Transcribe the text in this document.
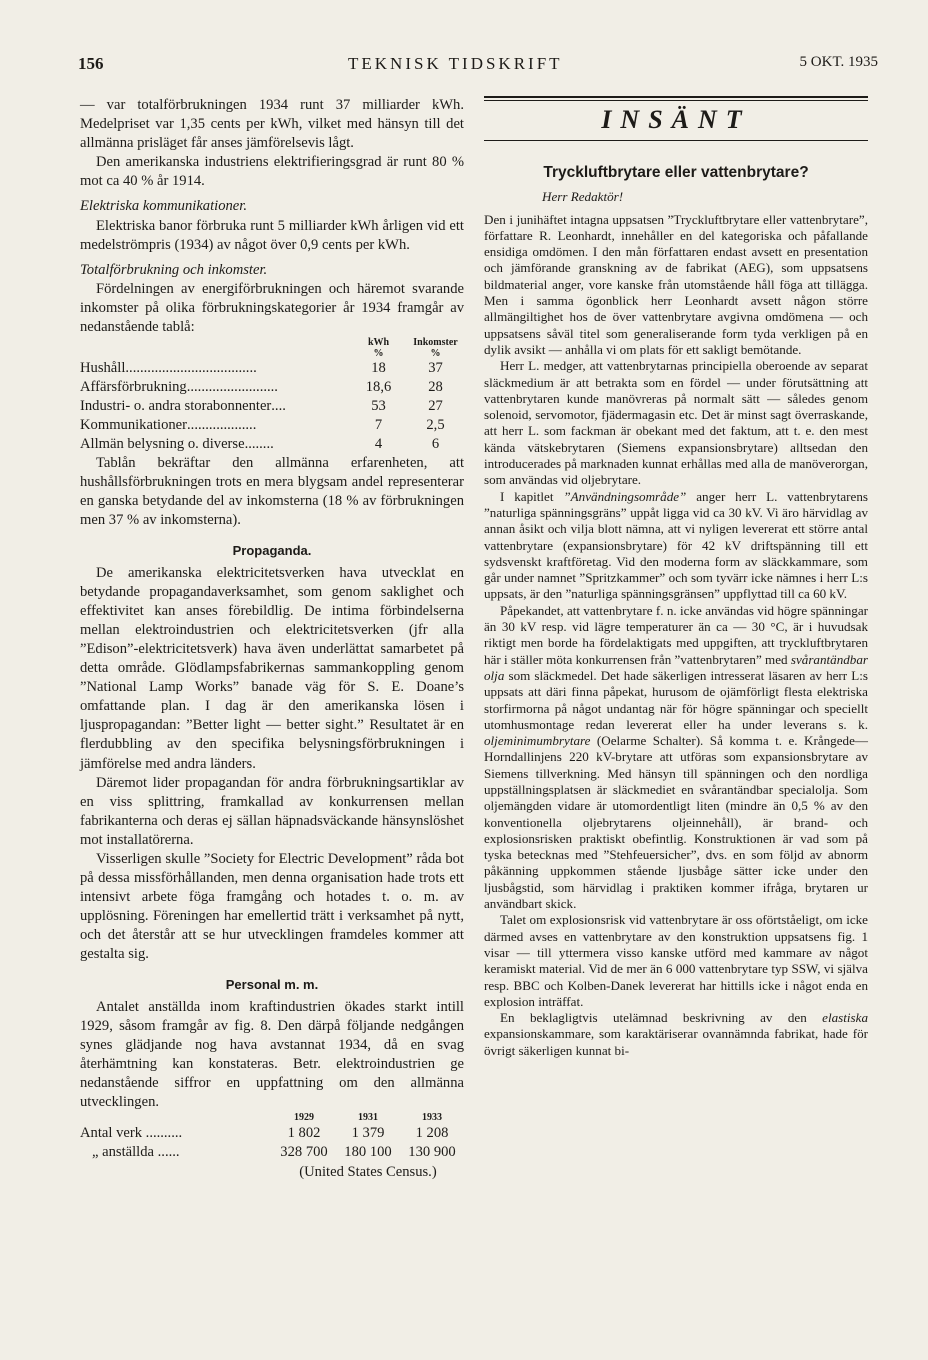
156	TEKNISK TIDSKRIFT	5 OKT. 1935

— var totalförbrukningen 1934 runt 37 milliarder kWh. Medelpriset var 1,35 cents per kWh, vilket med hänsyn till det allmänna prisläget får anses jämförelsevis lågt.

Den amerikanska industriens elektrifieringsgrad är runt 80 % mot ca 40 % år 1914.

Elektriska kommunikationer.

Elektriska banor förbruka runt 5 milliarder kWh årligen vid ett medelströmpris (1934) av något över 0,9 cents per kWh.

Totalförbrukning och inkomster.

Fördelningen av energiförbrukningen och häremot svarande inkomster på olika förbrukningskategorier år 1934 framgår av nedanstående tablå:

	kWh	Inkomster
	%	%
Hushåll....................................	18	37
Affärsförbrukning.........................	18,6	28
Industri- o. andra storabonnenter....	53	27
Kommunikationer...................	7	2,5
Allmän belysning o. diverse........	4	6

Tablån bekräftar den allmänna erfarenheten, att hushållsförbrukningen trots en mera blygsam andel representerar en ganska betydande del av inkomsterna (18 % av förbrukningen men 37 % av inkomsterna).

Propaganda.

De amerikanska elektricitetsverken hava utvecklat en betydande propagandaverksamhet, som genom saklighet och effektivitet kan anses förebildlig. De intima förbindelserna mellan elektroindustrien och elektricitetsverken (jfr alla ”Edison”-elektricitetsverk) hava även underlättat samarbetet på detta område. Glödlampsfabrikernas sammankoppling genom ”National Lamp Works” banade väg för S. E. Doane’s omfattande plan. I dag är den amerikanska lösen i ljuspropagandan: ”Better light — better sight.” Resultatet är en flerdubbling av den specifika belysningsförbrukningen i jämförelse med andra länders.

Däremot lider propagandan för andra förbrukningsartiklar av en viss splittring, framkallad av konkurrensen mellan fabrikanterna och deras ej sällan häpnadsväckande hänsynslöshet mot installatörerna.

Visserligen skulle ”Society for Electric Development” råda bot på dessa missförhållanden, men denna organisation hade trots ett intensivt arbete föga framgång och hotades t. o. m. av upplösning. Föreningen har emellertid trätt i verksamhet på nytt, och det återstår att se hur utvecklingen framdeles kommer att gestalta sig.

Personal m. m.

Antalet anställda inom kraftindustrien ökades starkt intill 1929, såsom framgår av fig. 8. Den därpå följande nedgången synes glädjande nog hava avstannat 1934, då en svag återhämtning kan konstateras. Betr. elektroindustrien ge nedanstående siffror en uppfattning om den allmänna utvecklingen.

	1929	1931	1933
Antal verk ..........	1 802	1 379	1 208
„ anställda ......	328 700	180 100	130 900
	(United States Census.)		
INSÄNT
Tryckluftbrytare eller vattenbrytare?
Herr Redaktör!

Den i junihäftet intagna uppsatsen ”Tryckluftbrytare eller vattenbrytare”, författare R. Leonhardt, innehåller en del kategoriska och påfallande ensidiga omdömen. I den mån författaren endast avsett en presentation och jämförande granskning av de fabrikat (AEG), som uppsatsens bildmaterial anger, vore kanske från utomstående håll föga att tillägga. Men i samma ögonblick herr Leonhardt avsett någon större allmängiltighet hos de över vattenbrytare avgivna omdömena — och uppsatsens såväl titel som generaliserande form tyda verkligen på en dylik avsikt — anhålla vi om plats för ett sakligt bemötande.

Herr L. medger, att vattenbrytarnas principiella oberoende av separat släckmedium är att betrakta som en fördel — under förutsättning att vattenbrytaren kunde manövreras på normalt sätt — således genom solenoid, servomotor, fjädermagasin etc. Det är minst sagt överraskande, att herr L. som fackman är obekant med det faktum, att t. e. den mest kända vätskebrytaren (Siemens expansionsbrytare) alltsedan den introducerades på marknaden kunnat erhållas med alla de manöverorgan, som användas vid oljebrytare.

I kapitlet ”Användningsområde” anger herr L. vattenbrytarens ”naturliga spänningsgräns” uppåt ligga vid ca 30 kV. Vi äro härvidlag av annan åsikt och vilja blott nämna, att vi nyligen levererat ett större antal vattenbrytare (expansionsbrytare) för 42 kV driftspänning till ett sydsvenskt kraftföretag. Vid den moderna form av släckkammare, som går under namnet ”Spritzkammer” och som tyvärr icke nämnes i herr L:s uppsats, är den ”naturliga spänningsgränsen” uppflyttad till ca 60 kV.

Påpekandet, att vattenbrytare f. n. icke användas vid högre spänningar än 30 kV resp. vid lägre temperaturer än ca — 30 °C, är i huvudsak riktigt men borde ha fördelaktigats med uppgiften, att tryckluftbrytaren här i ställer möta konkurrensen från ”vattenbrytaren” med svårantändbar olja som släckmedel. Det hade säkerligen intresserat läsaren av herr L:s uppsats att däri finna påpekat, hurusom de ojämförligt flesta elektriska storfirmorna på något undantag när för högre spänningar och speciellt utomhusmontage redan levererat eller ha under leverans s. k. oljeminimumbrytare (Oelarme Schalter). Så komma t. e. Krångede—Horndallinjens 220 kV-brytare att utföras som expansionsbrytare av Siemens tillverkning. Med hänsyn till spänningen och den nordliga uppställningsplatsen är släckmediet en svårantändbar specialolja. Som oljemängden vidare är utomordentligt liten (mindre än 0,5 % av den konventionella oljebrytarens oljeinnehåll), är brand- och explosionsrisken praktiskt obefintlig. Konstruktionen är vad som på tyska betecknas med ”Stehfeuersicher”, dvs. en som följd av abnorm påkänning uppkommen stående ljusbåge sätter icke under den ljusbågstid, som härvidlag i praktiken kommer ifråga, brytaren ur användbart skick.

Talet om explosionsrisk vid vattenbrytare är oss oförtståeligt, om icke därmed avses en vattenbrytare av den konstruktion uppsatsens fig. 1 visar — till yttermera visso kanske utförd med kammare av något keramiskt material. Vid de mer än 6 000 vattenbrytare typ SSW, vi själva resp. BBC och Kolben-Danek levererat har hittills icke i något enda en explosion inträffat.

En beklagligtvis utelämnad beskrivning av den elastiska expansionskammare, som karaktäriserar ovannämnda fabrikat, hade för övrigt säkerligen kunnat bi-
